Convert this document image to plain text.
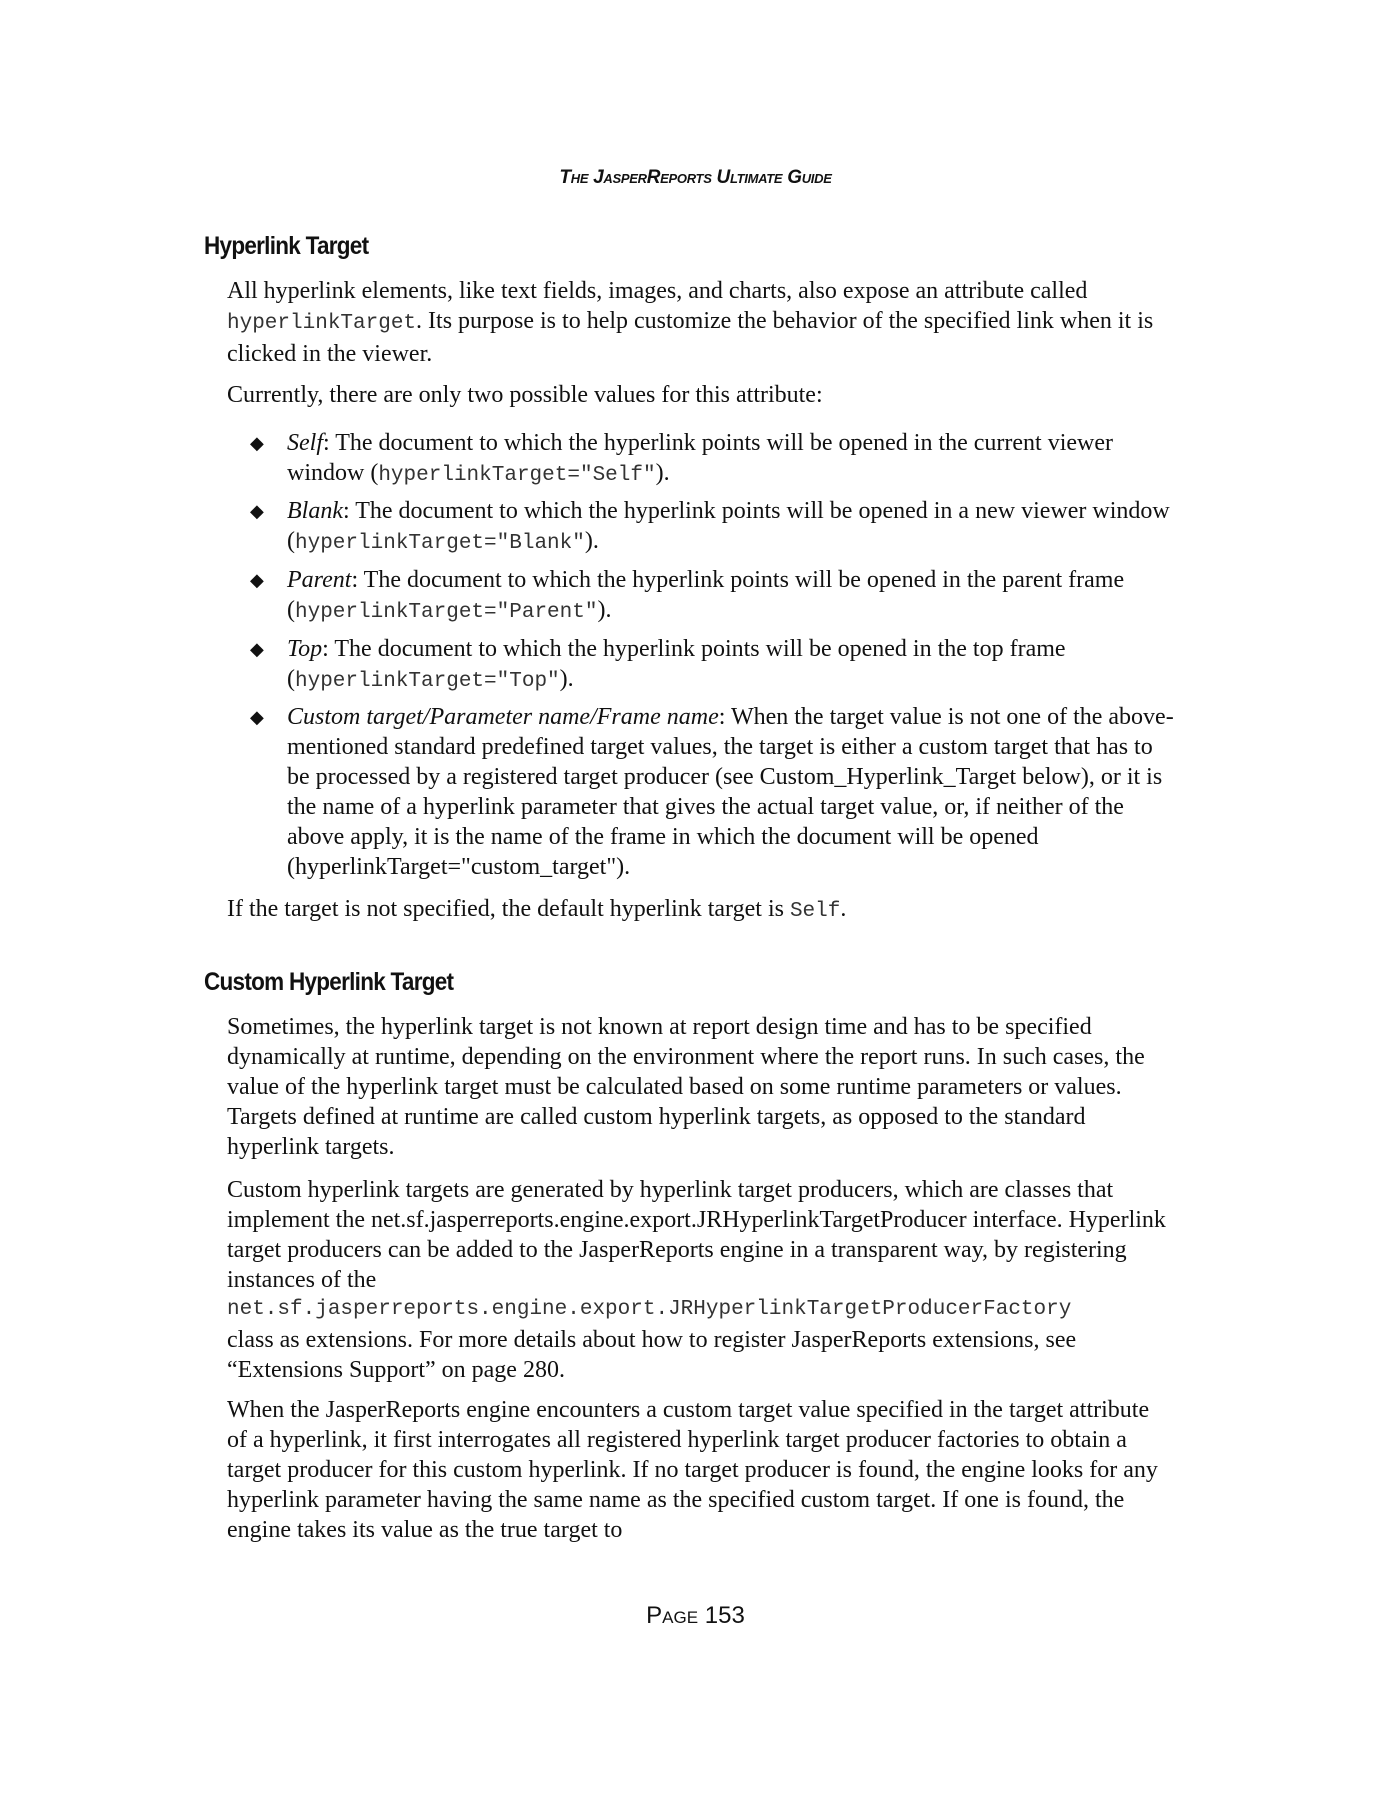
The JasperReports Ultimate Guide
Hyperlink Target
All hyperlink elements, like text fields, images, and charts, also expose an attribute called hyperlinkTarget. Its purpose is to help customize the behavior of the specified link when it is clicked in the viewer.
Currently, there are only two possible values for this attribute:
◆ Self: The document to which the hyperlink points will be opened in the current viewer window (hyperlinkTarget="Self").
◆ Blank: The document to which the hyperlink points will be opened in a new viewer window (hyperlinkTarget="Blank").
◆ Parent: The document to which the hyperlink points will be opened in the parent frame (hyperlinkTarget="Parent").
◆ Top: The document to which the hyperlink points will be opened in the top frame (hyperlinkTarget="Top").
◆ Custom target/Parameter name/Frame name: When the target value is not one of the above-mentioned standard predefined target values, the target is either a custom target that has to be processed by a registered target producer (see Custom_Hyperlink_Target below), or it is the name of a hyperlink parameter that gives the actual target value, or, if neither of the above apply, it is the name of the frame in which the document will be opened (hyperlinkTarget="custom_target").
If the target is not specified, the default hyperlink target is Self.
Custom Hyperlink Target
Sometimes, the hyperlink target is not known at report design time and has to be specified dynamically at runtime, depending on the environment where the report runs. In such cases, the value of the hyperlink target must be calculated based on some runtime parameters or values. Targets defined at runtime are called custom hyperlink targets, as opposed to the standard hyperlink targets.
Custom hyperlink targets are generated by hyperlink target producers, which are classes that implement the net.sf.jasperreports.engine.export.JRHyperlinkTargetProducer interface. Hyperlink target producers can be added to the JasperReports engine in a transparent way, by registering instances of the
net.sf.jasperreports.engine.export.JRHyperlinkTargetProducerFactory
class as extensions. For more details about how to register JasperReports extensions, see “Extensions Support” on page 280.
When the JasperReports engine encounters a custom target value specified in the target attribute of a hyperlink, it first interrogates all registered hyperlink target producer factories to obtain a target producer for this custom hyperlink. If no target producer is found, the engine looks for any hyperlink parameter having the same name as the specified custom target. If one is found, the engine takes its value as the true target to
Page 153
